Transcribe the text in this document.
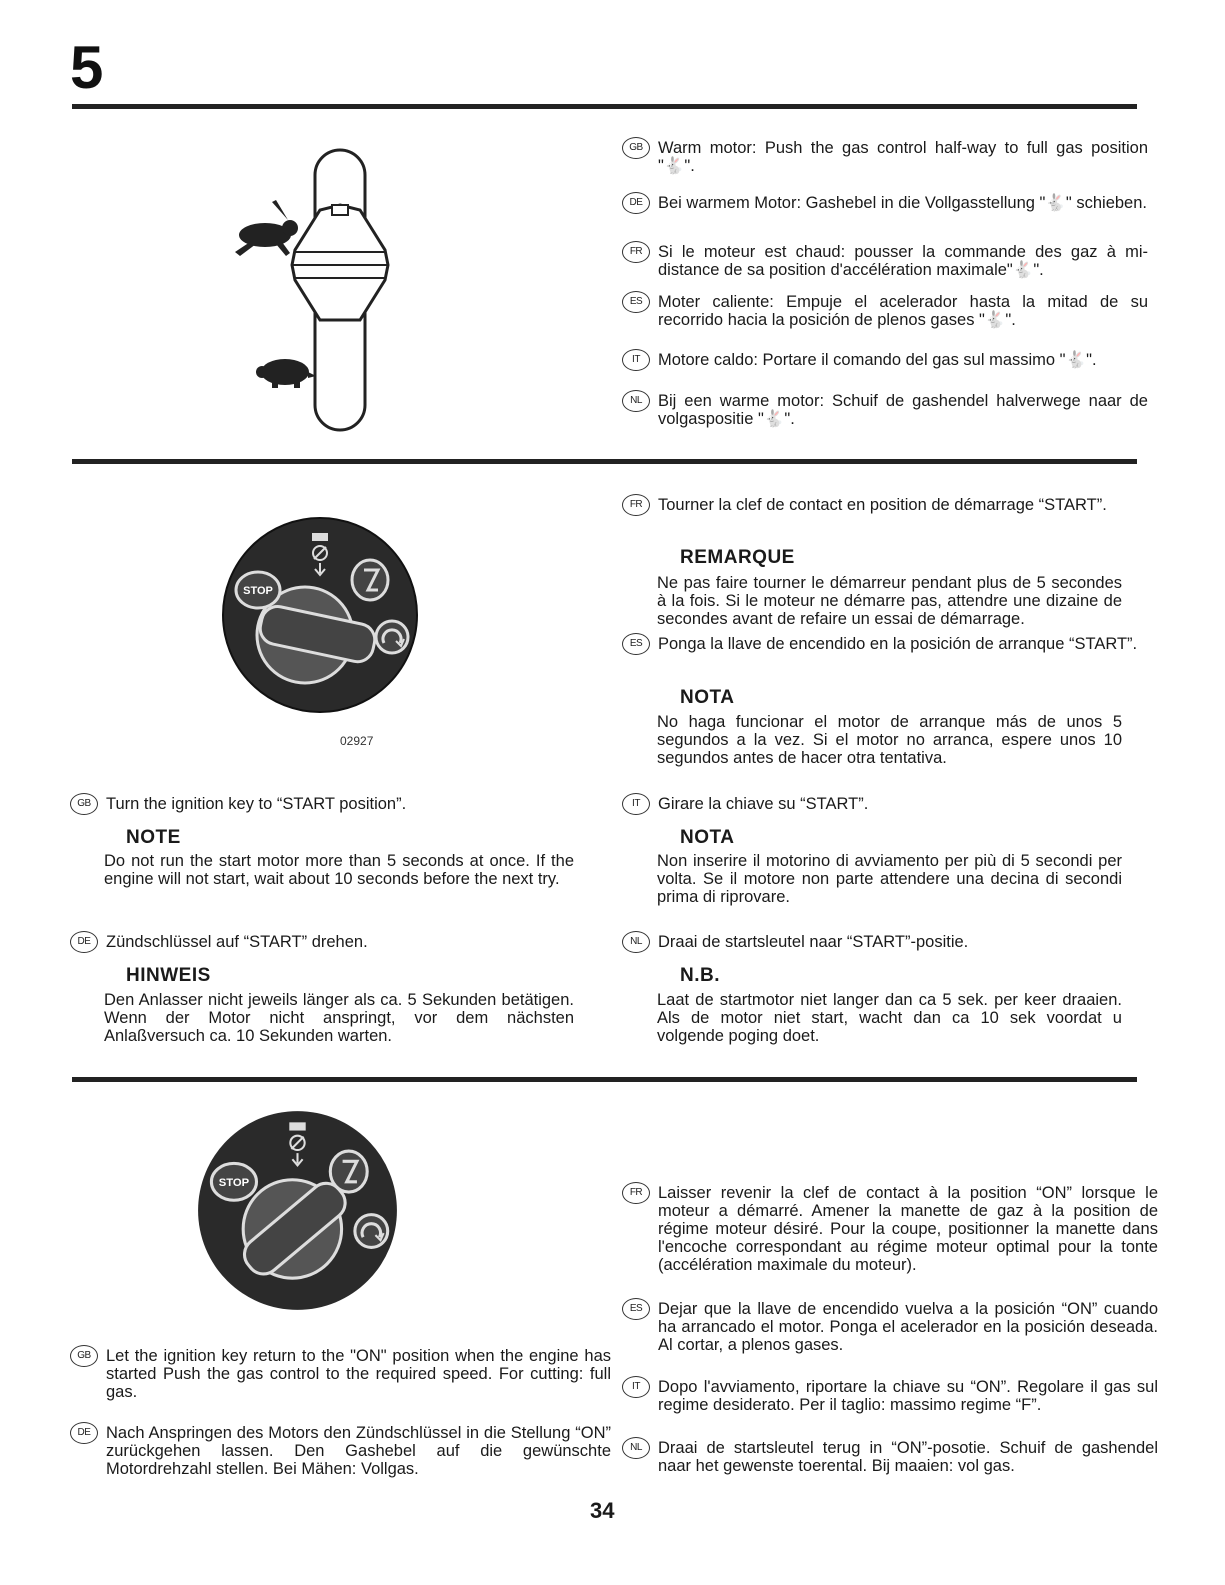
5
GB Warm motor: Push the gas control half-way to full gas position "🐇".
DE Bei warmem Motor: Gashebel in die Vollgasstellung "🐇" schieben.
FR Si le moteur est chaud: pousser la commande des gaz à mi-distance de sa position d'accélération maximale"🐇".
ES Moter caliente: Empuje el acelerador hasta la mitad de su recorrido hacia la posición de plenos gases "🐇".
IT	Motore caldo: Portare il comando del gas sul massimo "🐇".
NL Bij een warme motor: Schuif de gashendel halverwege naar de volgaspositie "🐇".
STOP
02927
GB Turn the ignition key to “START position”.
NOTE
Do not run the start motor more than 5 seconds at once. If the engine will not start, wait about 10 seconds before the next try.
DE Zündschlüssel auf “START” drehen.
HINWEIS
Den Anlasser nicht jeweils länger als ca. 5 Sekunden betätigen. Wenn der Motor nicht anspringt, vor dem nächsten Anlaßversuch ca. 10 Sekunden warten.
FR Tourner la clef de contact en position de démarrage “START”.
REMARQUE
Ne pas faire tourner le démarreur pendant plus de 5 secondes à la fois. Si le moteur ne démarre pas, attendre une dizaine de secondes avant de refaire un essai de démarrage.
ES Ponga la llave de encendido en la posición de arranque “START”.
NOTA
No haga funcionar el motor de arranque más de unos 5 segundos a la vez. Si el motor no arranca, espere unos 10 segundos antes de hacer otra tentativa.
IT	Girare la chiave su “START”.
NOTA
Non inserire il motorino di avviamento per più di 5 secondi per volta. Se il motore non parte attendere una decina di secondi prima di riprovare.
NL Draai de startsleutel naar “START”-positie.
N.B.
Laat de startmotor niet langer dan ca 5 sek. per keer draaien. Als de motor niet start, wacht dan ca 10 sek voordat u volgende poging doet.
STOP
GB Let the ignition key return to the "ON" position when the engine has started Push the gas control to the required speed. For cutting: full gas.
DE Nach Anspringen des Motors den Zündschlüssel in die Stellung “ON” zurückgehen lassen. Den Gashebel auf die gewünschte Motordrehzahl stellen. Bei Mähen: Vollgas.
FR Laisser revenir la clef de contact à la position “ON” lorsque le moteur a démarré. Amener la manette de gaz à la position de régime moteur désiré. Pour la coupe, positionner la manette dans l'encoche correspondant au régime moteur optimal pour la tonte (accélération maximale du moteur).
ES Dejar que la llave de encendido vuelva a la posición “ON” cuando ha arrancado el motor. Ponga el acelerador en la posición deseada. Al cortar, a plenos gases.
IT	Dopo l'avviamento, riportare la chiave su “ON”. Regolare il gas sul regime desiderato. Per il taglio: massimo regime “F”.
NL Draai de startsleutel terug in “ON”-posotie. Schuif de gashendel naar het gewenste toerental. Bij maaien: vol gas.
34
